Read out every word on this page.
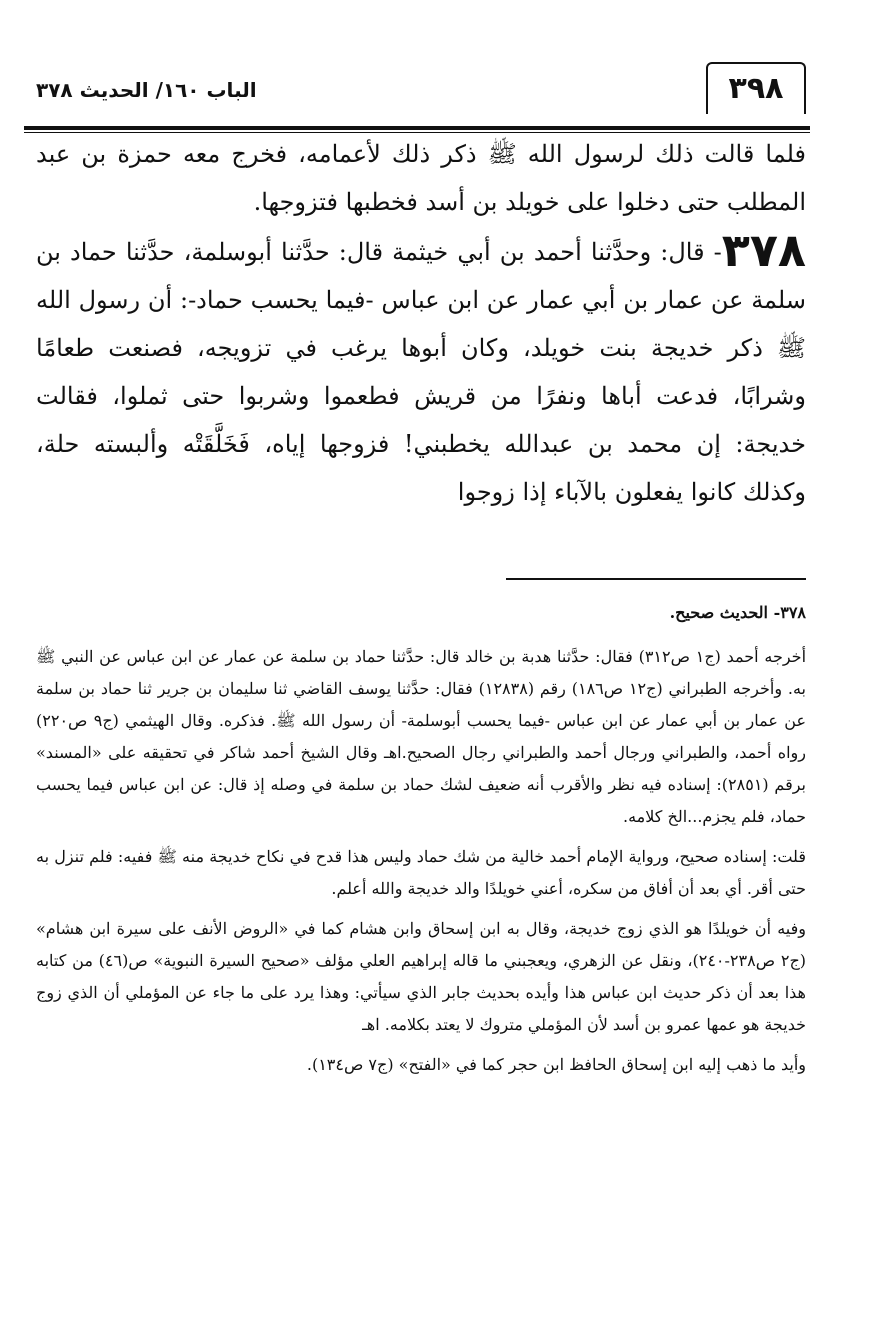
٣٩٨
الباب ١٦٠/ الحديث ٣٧٨

فلما قالت ذلك لرسول الله ﷺ ذكر ذلك لأعمامه، فخرج معه حمزة بن عبد المطلب حتى دخلوا على خويلد بن أسد فخطبها فتزوجها.

٣٧٨- قال: وحدَّثنا أحمد بن أبي خيثمة قال: حدَّثنا أبوسلمة، حدَّثنا حماد بن سلمة عن عمار بن أبي عمار عن ابن عباس -فيما يحسب حماد-: أن رسول الله ﷺ ذكر خديجة بنت خويلد، وكان أبوها يرغب في تزويجه، فصنعت طعامًا وشرابًا، فدعت أباها ونفرًا من قريش فطعموا وشربوا حتى ثملوا، فقالت خديجة: إن محمد بن عبدالله يخطبني! فزوجها إياه، فَخَلَّقَتْه وألبسته حلة، وكذلك كانوا يفعلون بالآباء إذا زوجوا

٣٧٨- الحديث صحيح.

أخرجه أحمد (ج١ ص٣١٢) فقال: حدَّثنا هدبة بن خالد قال: حدَّثنا حماد بن سلمة عن عمار عن ابن عباس عن النبي ﷺ به. وأخرجه الطبراني (ج١٢ ص١٨٦) رقم (١٢٨٣٨) فقال: حدَّثنا يوسف القاضي ثنا سليمان بن جرير ثنا حماد بن سلمة عن عمار بن أبي عمار عن ابن عباس -فيما يحسب أبوسلمة- أن رسول الله ﷺ. فذكره. وقال الهيثمي (ج٩ ص٢٢٠) رواه أحمد، والطبراني ورجال أحمد والطبراني رجال الصحيح.اهـ وقال الشيخ أحمد شاكر في تحقيقه على «المسند» برقم (٢٨٥١): إسناده فيه نظر والأقرب أنه ضعيف لشك حماد بن سلمة في وصله إذ قال: عن ابن عباس فيما يحسب حماد، فلم يجزم...الخ كلامه.

قلت: إسناده صحيح، ورواية الإمام أحمد خالية من شك حماد وليس هذا قدح في نكاح خديجة منه ﷺ ففيه: فلم تنزل به حتى أقر. أي بعد أن أفاق من سكره، أعني خويلدًا والد خديجة والله أعلم.

وفيه أن خويلدًا هو الذي زوج خديجة، وقال به ابن إسحاق وابن هشام كما في «الروض الأنف على سيرة ابن هشام» (ج٢ ص٢٣٨-٢٤٠)، ونقل عن الزهري، ويعجبني ما قاله إبراهيم العلي مؤلف «صحيح السيرة النبوية» ص(٤٦) من كتابه هذا بعد أن ذكر حديث ابن عباس هذا وأيده بحديث جابر الذي سيأتي: وهذا يرد على ما جاء عن المؤملي أن الذي زوج خديجة هو عمها عمرو بن أسد لأن المؤملي متروك لا يعتد بكلامه. اهـ

وأيد ما ذهب إليه ابن إسحاق الحافظ ابن حجر كما في «الفتح» (ج٧ ص١٣٤).
